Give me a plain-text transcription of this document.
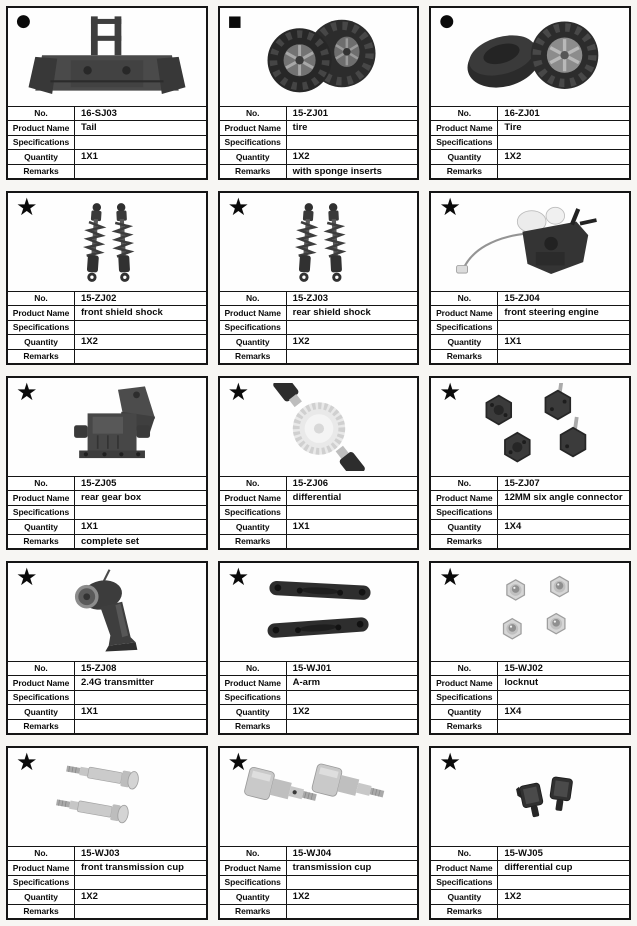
●
No.	16-SJ03
Product Name	Tail
Specifications	
Quantity	1X1
Remarks	
■
No.	15-ZJ01
Product Name	tire
Specifications	
Quantity	1X2
Remarks	with sponge inserts
●
No.	16-ZJ01
Product Name	Tire
Specifications	
Quantity	1X2
Remarks	
★
No.	15-ZJ02
Product Name	front shield shock
Specifications	
Quantity	1X2
Remarks	
★
No.	15-ZJ03
Product Name	rear shield shock
Specifications	
Quantity	1X2
Remarks	
★
No.	15-ZJ04
Product Name	front steering engine
Specifications	
Quantity	1X1
Remarks	
★
No.	15-ZJ05
Product Name	rear gear box
Specifications	
Quantity	1X1
Remarks	complete set
★
No.	15-ZJ06
Product Name	differential
Specifications	
Quantity	1X1
Remarks	
★
No.	15-ZJ07
Product Name	12MM six angle connector
Specifications	
Quantity	1X4
Remarks	
★
No.	15-ZJ08
Product Name	2.4G transmitter
Specifications	
Quantity	1X1
Remarks	
★
No.	15-WJ01
Product Name	A-arm
Specifications	
Quantity	1X2
Remarks	
★
No.	15-WJ02
Product Name	locknut
Specifications	
Quantity	1X4
Remarks	
★
No.	15-WJ03
Product Name	front transmission cup
Specifications	
Quantity	1X2
Remarks	
★
No.	15-WJ04
Product Name	transmission cup
Specifications	
Quantity	1X2
Remarks	
★
No.	15-WJ05
Product Name	differential cup
Specifications	
Quantity	1X2
Remarks	
